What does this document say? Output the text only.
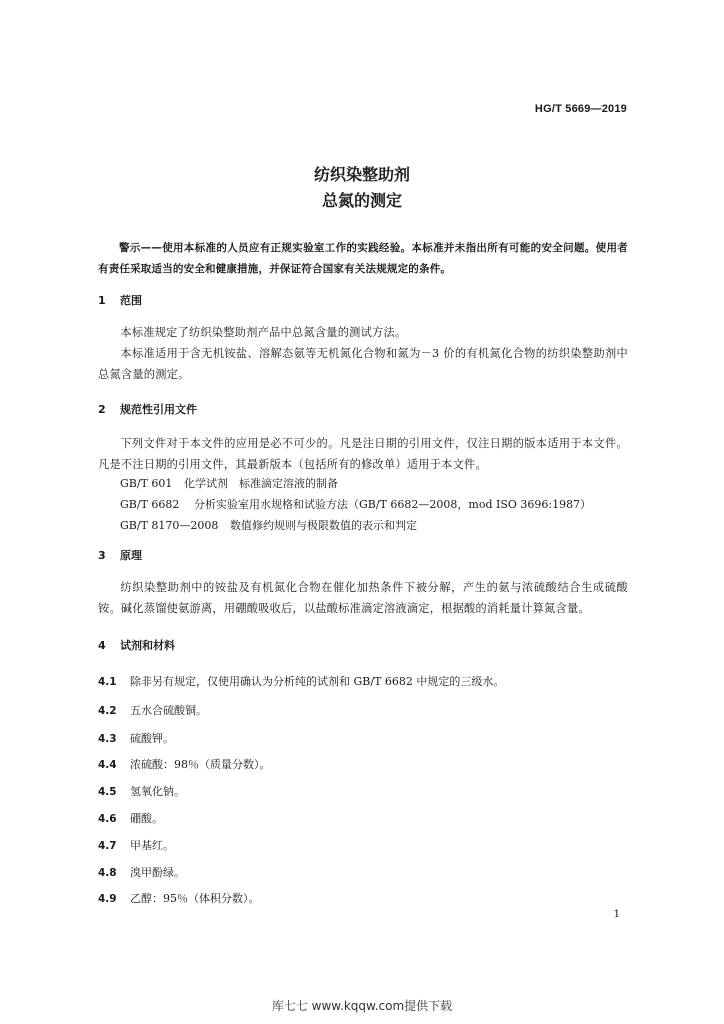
HG/T 5669—2019
纺织染整助剂
总氮的测定
警示——使用本标准的人员应有正规实验室工作的实践经验。本标准并未指出所有可能的安全问题。使用者有责任采取适当的安全和健康措施，并保证符合国家有关法规规定的条件。
1 范围
本标准规定了纺织染整助剂产品中总氮含量的测试方法。
本标准适用于含无机铵盐、溶解态氨等无机氮化合物和氮为－3 价的有机氮化合物的纺织染整助剂中总氮含量的测定。
2 规范性引用文件
下列文件对于本文件的应用是必不可少的。凡是注日期的引用文件，仅注日期的版本适用于本文件。凡是不注日期的引用文件，其最新版本（包括所有的修改单）适用于本文件。
GB/T 601 化学试剂　标准滴定溶液的制备
GB/T 6682 分析实验室用水规格和试验方法（GB/T 6682—2008，mod ISO 3696:1987）
GB/T 8170—2008 数值修约规则与极限数值的表示和判定
3 原理
纺织染整助剂中的铵盐及有机氮化合物在催化加热条件下被分解，产生的氨与浓硫酸结合生成硫酸铵。碱化蒸馏使氨游离，用硼酸吸收后，以盐酸标准滴定溶液滴定，根据酸的消耗量计算氮含量。
4 试剂和材料
4.1 除非另有规定，仅使用确认为分析纯的试剂和 GB/T 6682 中规定的三级水。
4.2 五水合硫酸铜。
4.3 硫酸钾。
4.4 浓硫酸：98％（质量分数）。
4.5 氢氧化钠。
4.6 硼酸。
4.7 甲基红。
4.8 溴甲酚绿。
4.9 乙醇：95％（体积分数）。
1
库七七 www.kqqw.com提供下载
